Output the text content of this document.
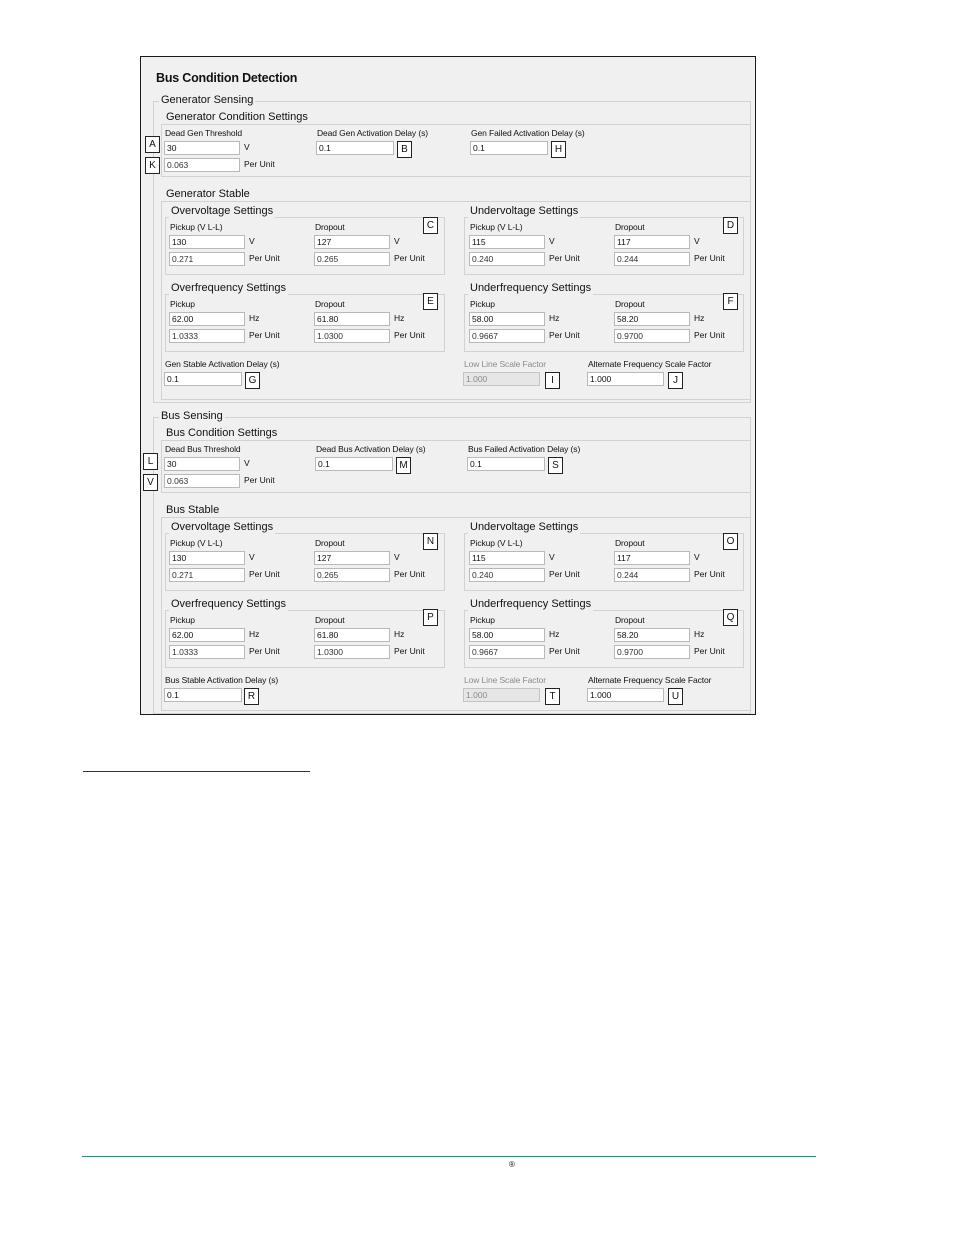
Bus Condition Detection
Generator Sensing
Generator Condition Settings
Dead Gen Threshold
30	V
0.063	Per Unit
Dead Gen Activation Delay (s)
0.1
Gen Failed Activation Delay (s)
0.1
Generator Stable
Overvoltage Settings
Pickup (V L-L)
130	V
0.271	Per Unit
Dropout
127	V
0.265	Per Unit
Undervoltage Settings
Pickup (V L-L)
115	V
0.240	Per Unit
Dropout
117	V
0.244	Per Unit
Overfrequency Settings
Pickup
62.00	Hz
1.0333	Per Unit
Dropout
61.80	Hz
1.0300	Per Unit
Underfrequency Settings
Pickup
58.00	Hz
0.9667	Per Unit
Dropout
58.20	Hz
0.9700	Per Unit
Gen Stable Activation Delay (s)
0.1
Low Line Scale Factor
1.000
Alternate Frequency Scale Factor
1.000
Bus Sensing
Bus Condition Settings
Dead Bus Threshold
30	V
0.063	Per Unit
Dead Bus Activation Delay (s)
0.1
Bus Failed Activation Delay (s)
0.1
Bus Stable
Overvoltage Settings
Pickup (V L-L)
130	V
0.271	Per Unit
Dropout
127	V
0.265	Per Unit
Undervoltage Settings
Pickup (V L-L)
115	V
0.240	Per Unit
Dropout
117	V
0.244	Per Unit
Overfrequency Settings
Pickup
62.00	Hz
1.0333	Per Unit
Dropout
61.80	Hz
1.0300	Per Unit
Underfrequency Settings
Pickup
58.00	Hz
0.9667	Per Unit
Dropout
58.20	Hz
0.9700	Per Unit
Bus Stable Activation Delay (s)
0.1
Low Line Scale Factor
1.000
Alternate Frequency Scale Factor
1.000
A
K
B	H
C	D
E	F
G	I	J
L
V
M	S
N	O
P	Q
R	T	U
®
